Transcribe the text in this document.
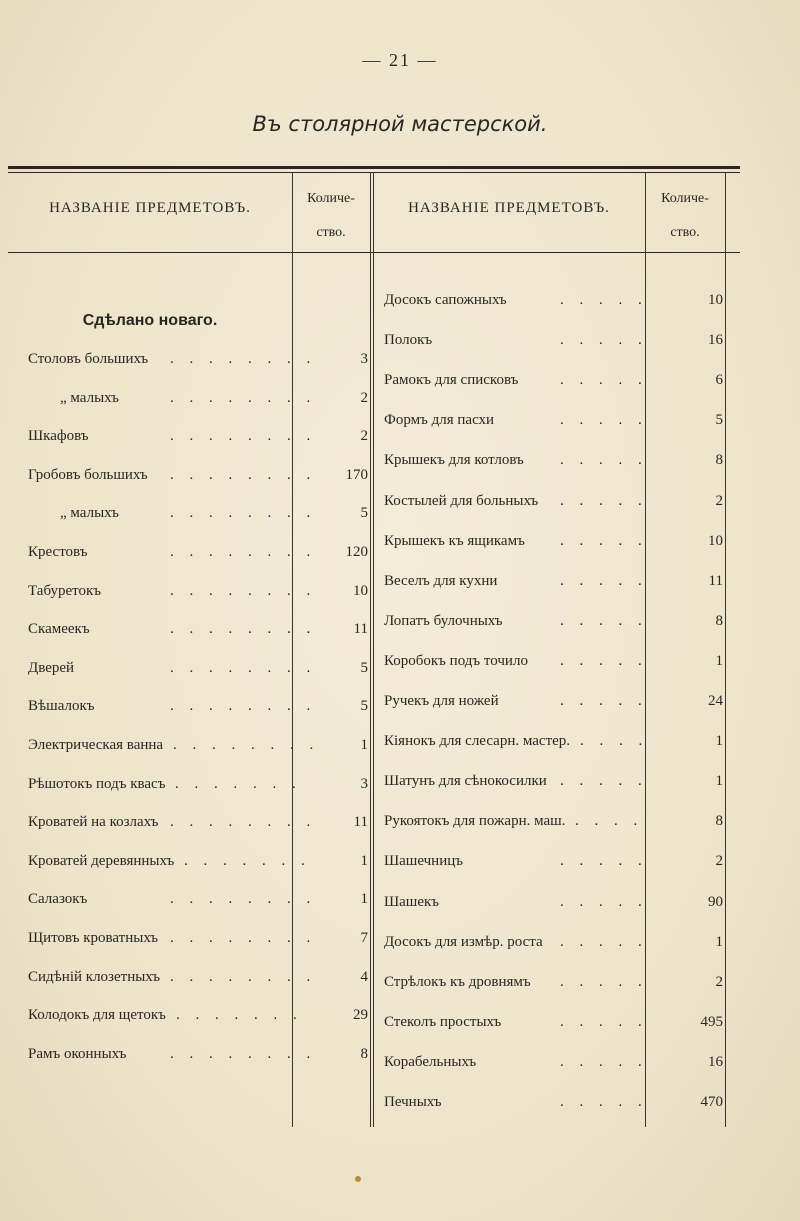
— 21 —
Въ столярной мастерской.
НАЗВАНІЕ ПРЕДМЕТОВЪ.
Количе-
ство.
НАЗВАНІЕ ПРЕДМЕТОВЪ.
Количе-
ство.
Сдѣлано новаго.
Столовъ большихъ . . . . . . . .	3
„ малыхъ	. . . . . . . .	2
Шкафовъ	. . . . . . . .	2
Гробовъ большихъ . . . . . . . .	170
„ малыхъ	. . . . . . . .	5
Крестовъ	. . . . . . . .	120
Табуретокъ	. . . . . . . .	10
Скамеекъ	. . . . . . . .	11
Дверей	. . . . . . . .	5
Вѣшалокъ	. . . . . . . .	5
Электрическая ванна . . . . . . . .	1
Рѣшотокъ подъ квасъ . . . . . . .	3
Кроватей на козлахъ . . . . . . . .	11
Кроватей деревянныхъ . . . . . . .	1
Салазокъ	. . . . . . . .	1
Щитовъ кроватныхъ . . . . . . . .	7
Сидѣній клозетныхъ . . . . . . . .	4
Колодокъ для щетокъ . . . . . . .	29
Рамъ оконныхъ	. . . . . . . .	8
Досокъ сапожныхъ	. . . . .	10
Полокъ	. . . . .	16
Рамокъ для списковъ	. . . . .	6
Формъ для пасхи	. . . . .	5
Крышекъ для котловъ . . . . .	8
Костылей для больныхъ . . . . .	2
Крышекъ къ ящикамъ . . . . .	10
Веселъ для кухни	. . . . .	11
Лопатъ булочныхъ	. . . . .	8
Коробокъ подъ точило . . . . .	1
Ручекъ для ножей	. . . . .	24
Кіянокъ для слесарн. мастер. . . . .	1
Шатунъ для сѣнокосилки . . . . .	1
Рукоятокъ для пожарн. маш. . . . .	8
Шашечницъ	. . . . .	2
Шашекъ	. . . . .	90
Досокъ для измѣр. роста . . . . .	1
Стрѣлокъ къ дровнямъ . . . . .	2
Стеколъ простыхъ	. . . . .	495
Корабельныхъ	. . . . .	16
Печныхъ	. . . . .	470
